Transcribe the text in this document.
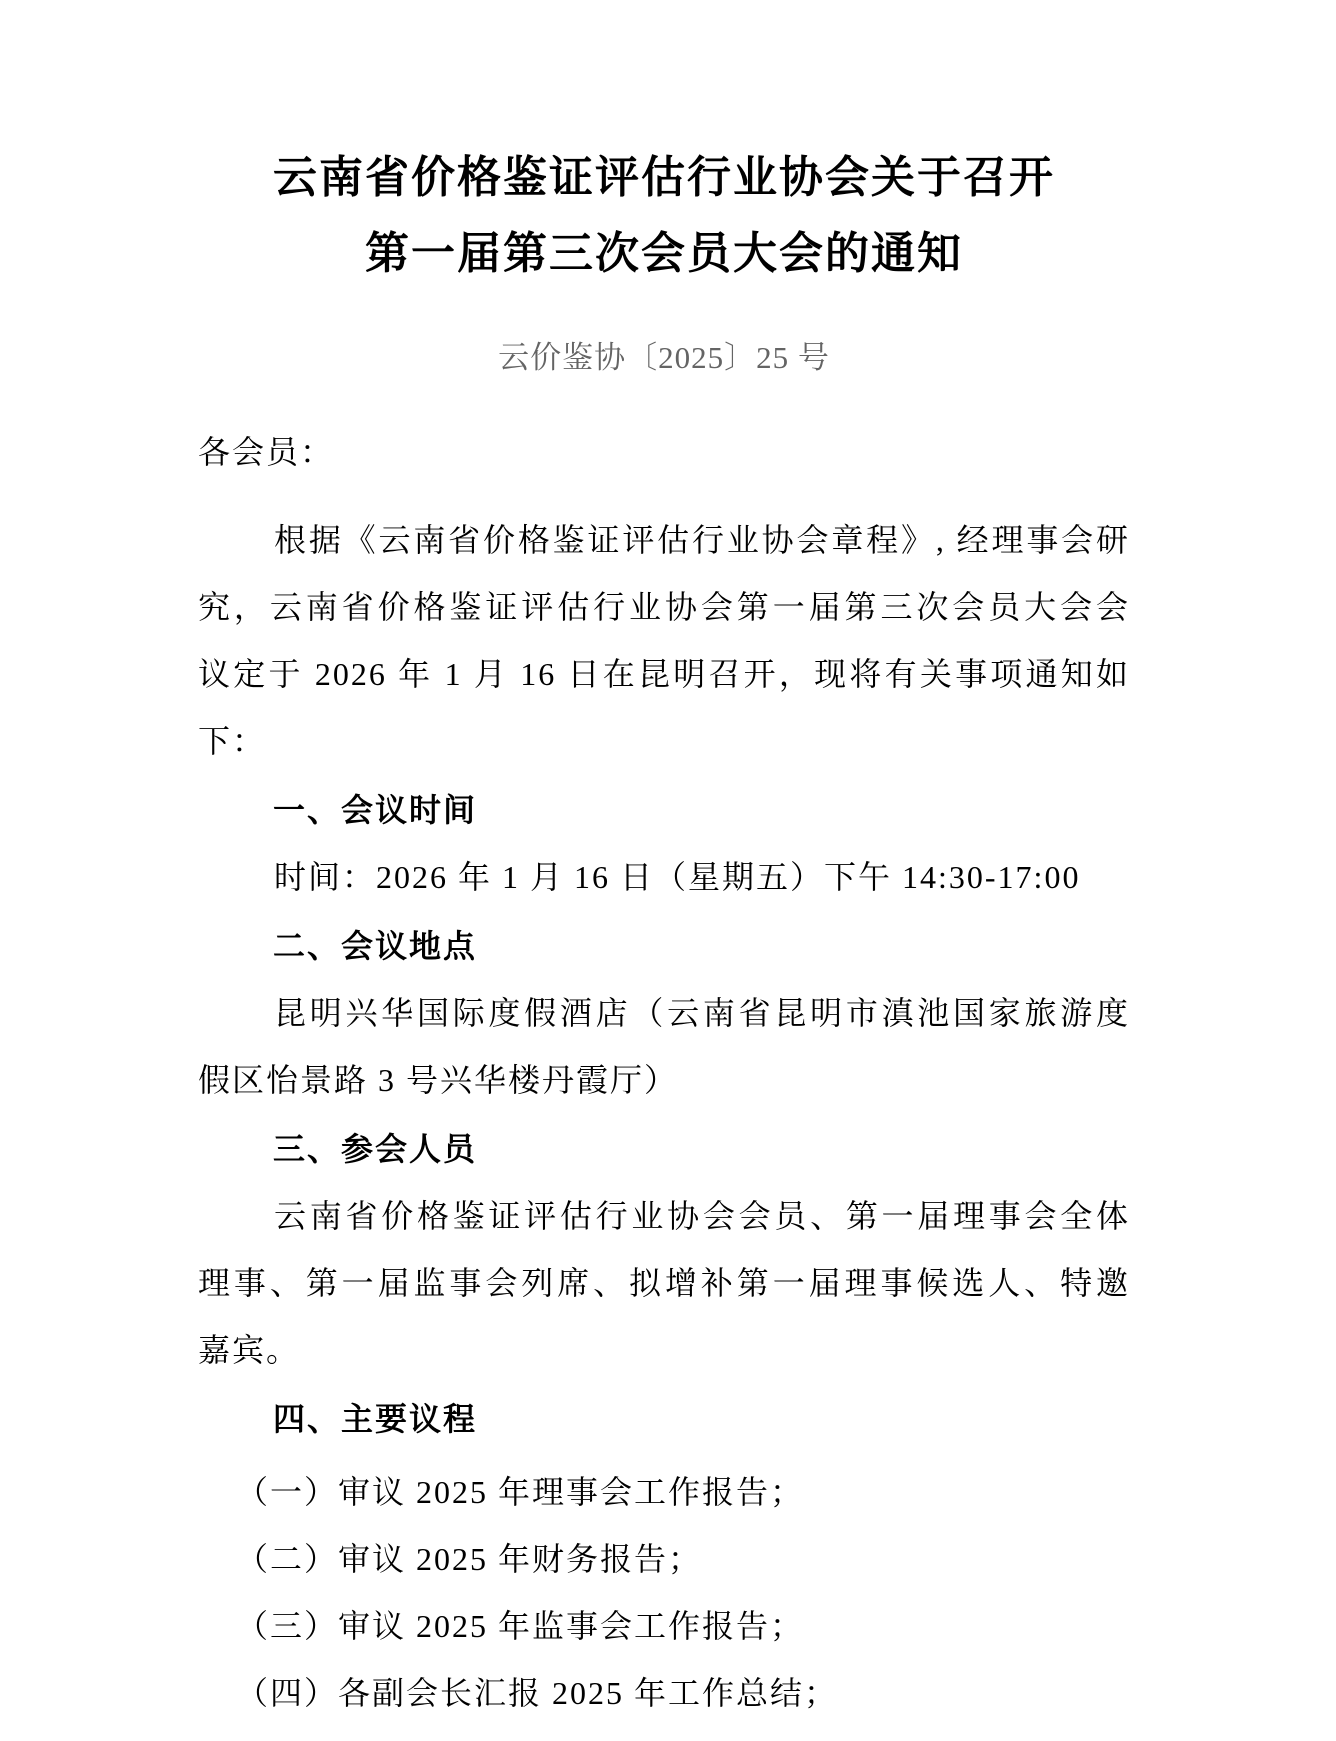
云南省价格鉴证评估行业协会关于召开
第一届第三次会员大会的通知
云价鉴协〔2025〕25 号
各会员：
根据《云南省价格鉴证评估行业协会章程》, 经理事会研
究，云南省价格鉴证评估行业协会第一届第三次会员大会会
议定于 2026 年 1 月 16 日在昆明召开，现将有关事项通知如
下：
一、会议时间
时间：2026 年 1 月 16 日（星期五）下午 14:30-17:00
二、会议地点
昆明兴华国际度假酒店（云南省昆明市滇池国家旅游度
假区怡景路 3 号兴华楼丹霞厅）
三、参会人员
云南省价格鉴证评估行业协会会员、第一届理事会全体
理事、第一届监事会列席、拟增补第一届理事候选人、特邀
嘉宾。
四、主要议程
（一）审议 2025 年理事会工作报告；
（二）审议 2025 年财务报告；
（三）审议 2025 年监事会工作报告；
（四）各副会长汇报 2025 年工作总结；
